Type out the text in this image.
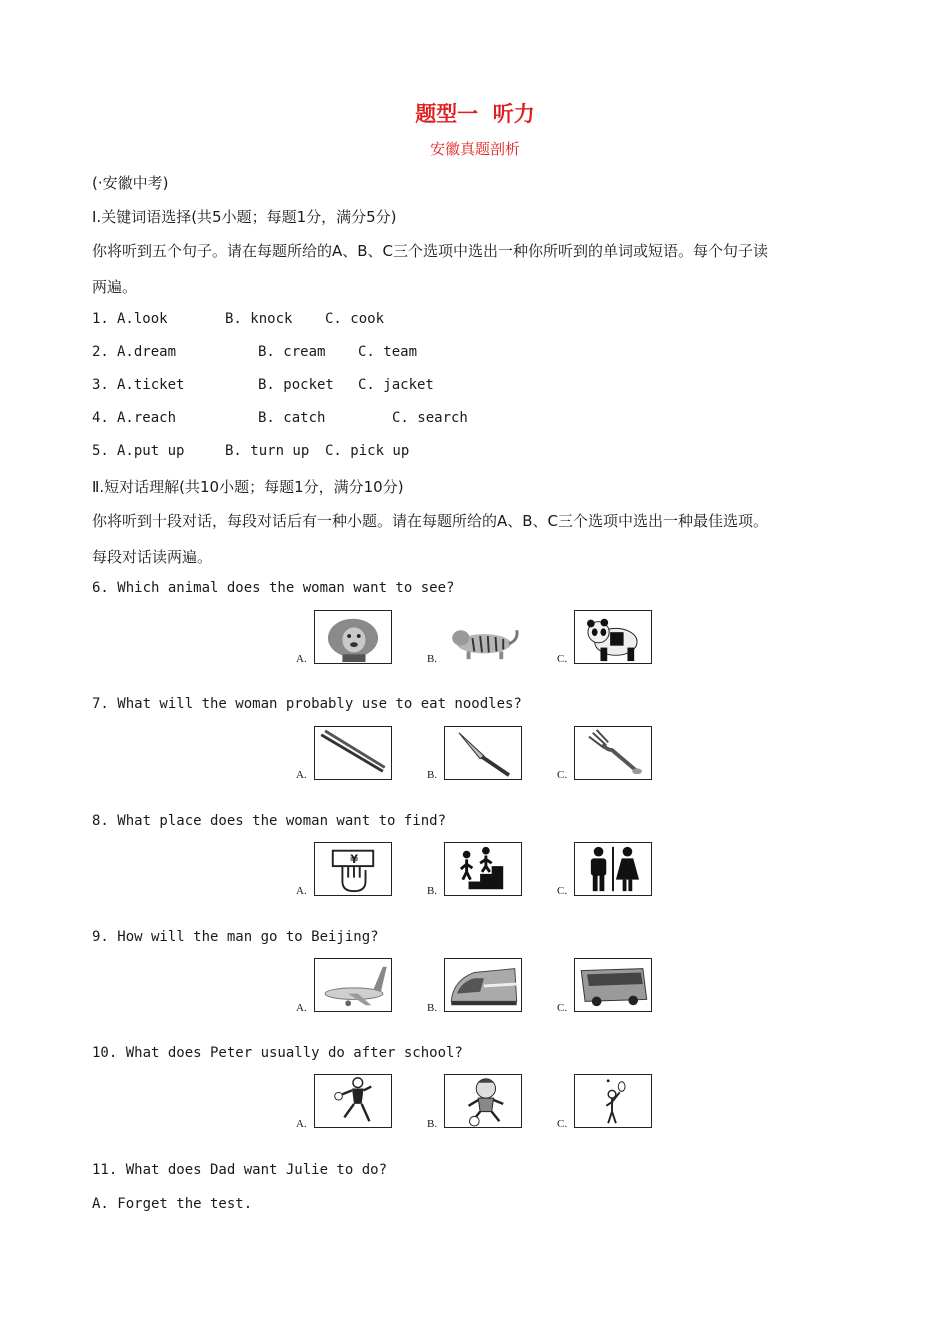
题型一  听力
安徽真题剖析
(·安徽中考)
Ⅰ.关键词语选择(共5小题；每题1分，满分5分)
你将听到五个句子。请在每题所给的A、B、C三个选项中选出一种你所听到的单词或短语。每个句子读
两遍。
1. A.look	B. knock C. cook
2. A.dream	B. cream C. team
3. A.ticket	B. pocket C. jacket
4. A.reach	B. catch	C. search
5. A.put up	B. turn up C. pick up
Ⅱ.短对话理解(共10小题；每题1分，满分10分)
你将听到十段对话，每段对话后有一种小题。请在每题所给的A、B、C三个选项中选出一种最佳选项。
每段对话读两遍。
6. Which animal does the woman want to see?
A.	B.	C.
7. What will the woman probably use to eat noodles?
A.	B.	C.
8. What place does the woman want to find?
A.
¥
B.	C.
9. How will the man go to Beijing?
A.	B.	C.
10. What does Peter usually do after school?
A.	B.	C.
11. What does Dad want Julie to do?
A. Forget the test.
